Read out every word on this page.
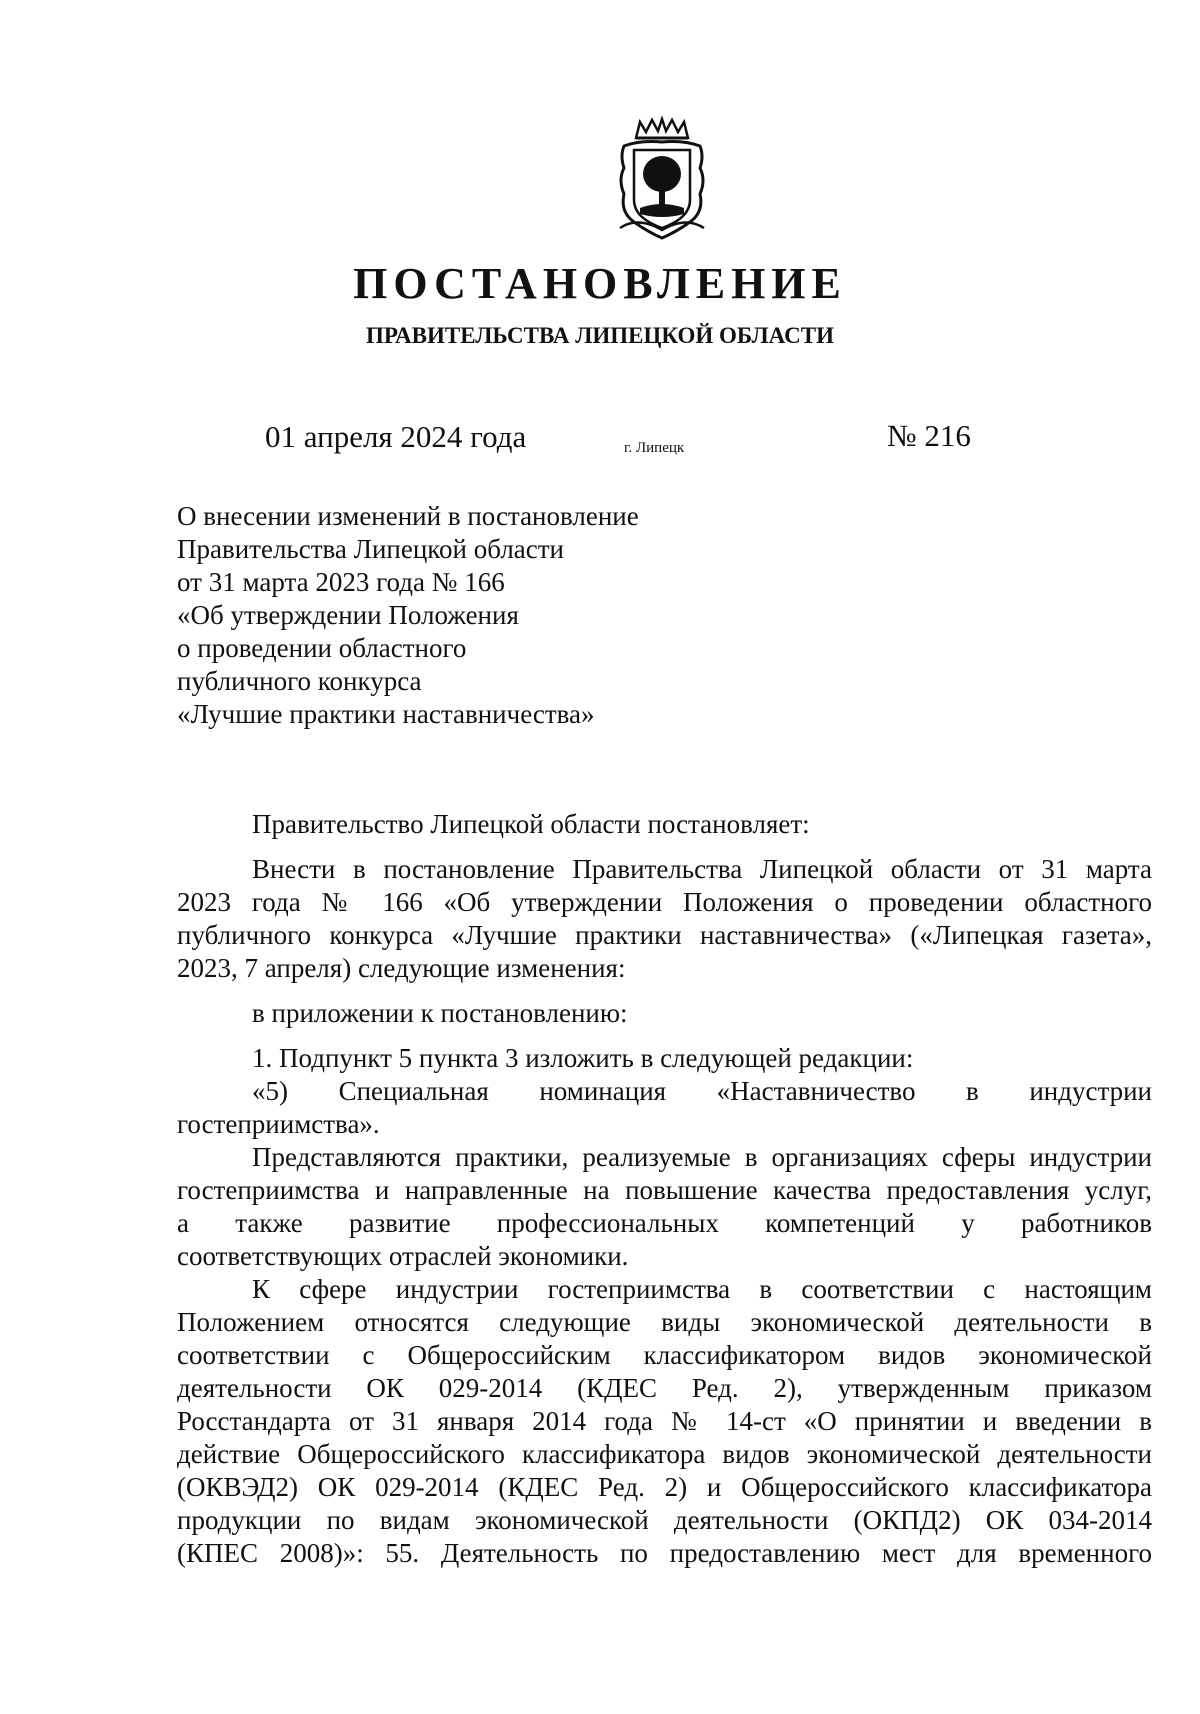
ПОСТАНОВЛЕНИЕ
ПРАВИТЕЛЬСТВА ЛИПЕЦКОЙ ОБЛАСТИ
01 апреля 2024 года	г. Липецк	№ 216
О внесении изменений в постановление
Правительства Липецкой области
от 31 марта 2023 года № 166
«Об утверждении Положения
о проведении областного
публичного конкурса
«Лучшие практики наставничества»

Правительство Липецкой области постановляет:

Внести в постановление Правительства Липецкой области от 31 марта

2023 года № 166 «Об утверждении Положения о проведении областного
публичного конкурса «Лучшие практики наставничества» («Липецкая газета»,
2023, 7 апреля) следующие изменения:

в приложении к постановлению:

1. Подпункт 5 пункта 3 изложить в следующей редакции:

«5) Специальная номинация «Наставничество в индустрии

гостеприимства».

Представляются практики, реализуемые в организациях сферы индустрии

гостеприимства и направленные на повышение качества предоставления услуг,
а также развитие профессиональных компетенций у работников
соответствующих отраслей экономики.

К сфере индустрии гостеприимства в соответствии с настоящим

Положением относятся следующие виды экономической деятельности в
соответствии с Общероссийским классификатором видов экономической
деятельности ОК 029-2014 (КДЕС Ред. 2), утвержденным приказом
Росстандарта от 31 января 2014 года № 14-ст «О принятии и введении в
действие Общероссийского классификатора видов экономической деятельности
(ОКВЭД2) ОК 029-2014 (КДЕС Ред. 2) и Общероссийского классификатора
продукции по видам экономической деятельности (ОКПД2) ОК 034-2014
(КПЕС 2008)»: 55. Деятельность по предоставлению мест для временного
